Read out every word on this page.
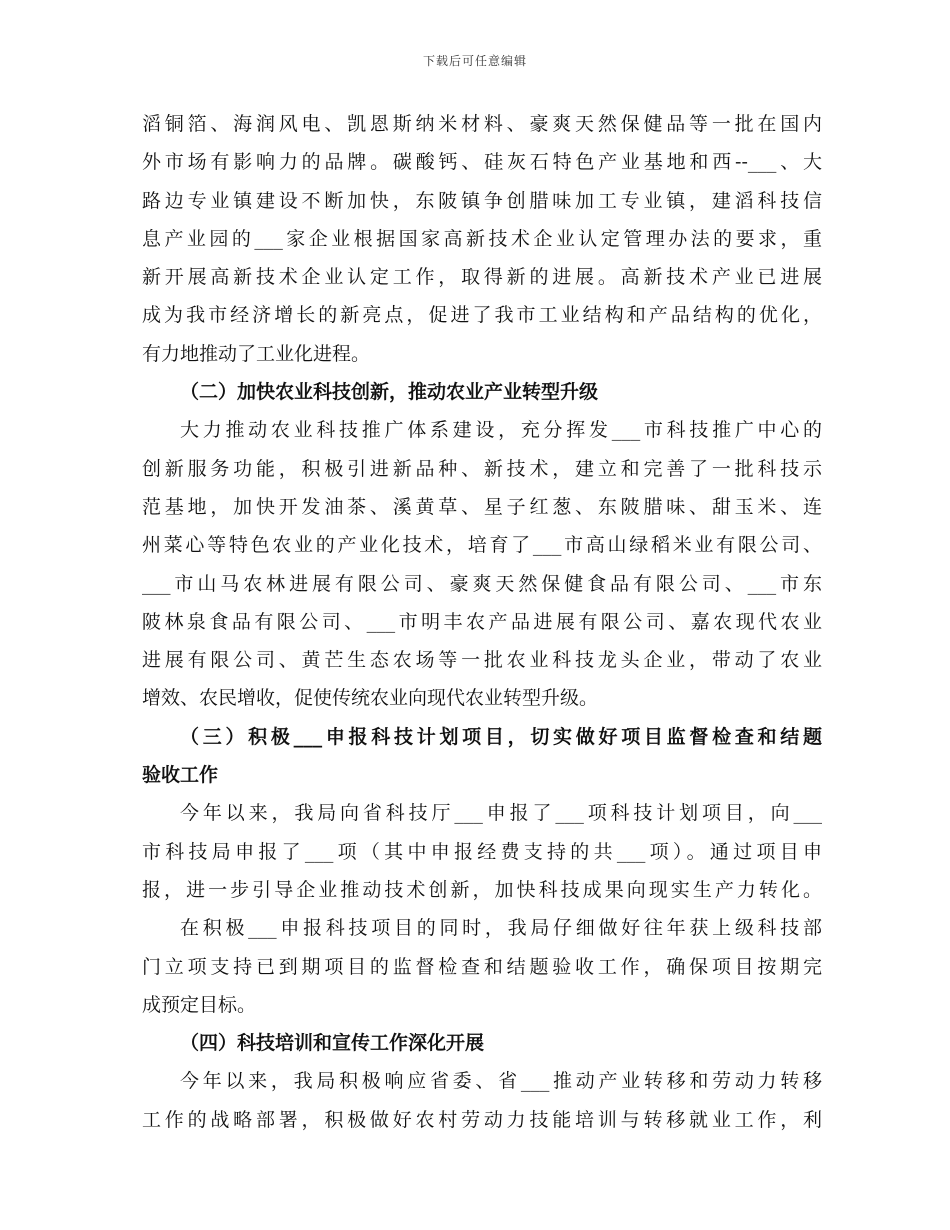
下载后可任意编辑
滔铜箔、海润风电、凯恩斯纳米材料、豪爽天然保健品等一批在国内
外市场有影响力的品牌。碳酸钙、硅灰石特色产业基地和西--___、大
路边专业镇建设不断加快，东陂镇争创腊味加工专业镇，建滔科技信
息产业园的___家企业根据国家高新技术企业认定管理办法的要求，重
新开展高新技术企业认定工作，取得新的进展。高新技术产业已进展
成为我市经济增长的新亮点，促进了我市工业结构和产品结构的优化，
有力地推动了工业化进程。
（二）加快农业科技创新，推动农业产业转型升级
大力推动农业科技推广体系建设，充分挥发___市科技推广中心的
创新服务功能，积极引进新品种、新技术，建立和完善了一批科技示
范基地，加快开发油茶、溪黄草、星子红葱、东陂腊味、甜玉米、连
州菜心等特色农业的产业化技术，培育了___市高山绿稻米业有限公司、
___市山马农林进展有限公司、豪爽天然保健食品有限公司、___市东
陂林泉食品有限公司、___市明丰农产品进展有限公司、嘉农现代农业
进展有限公司、黄芒生态农场等一批农业科技龙头企业，带动了农业
增效、农民增收，促使传统农业向现代农业转型升级。
（三）积极___申报科技计划项目，切实做好项目监督检查和结题
验收工作
今年以来，我局向省科技厅___申报了___项科技计划项目，向___
市科技局申报了___项（其中申报经费支持的共___项）。通过项目申
报，进一步引导企业推动技术创新，加快科技成果向现实生产力转化。
在积极___申报科技项目的同时，我局仔细做好往年获上级科技部
门立项支持已到期项目的监督检查和结题验收工作，确保项目按期完
成预定目标。
（四）科技培训和宣传工作深化开展
今年以来，我局积极响应省委、省___推动产业转移和劳动力转移
工作的战略部署，积极做好农村劳动力技能培训与转移就业工作，利
